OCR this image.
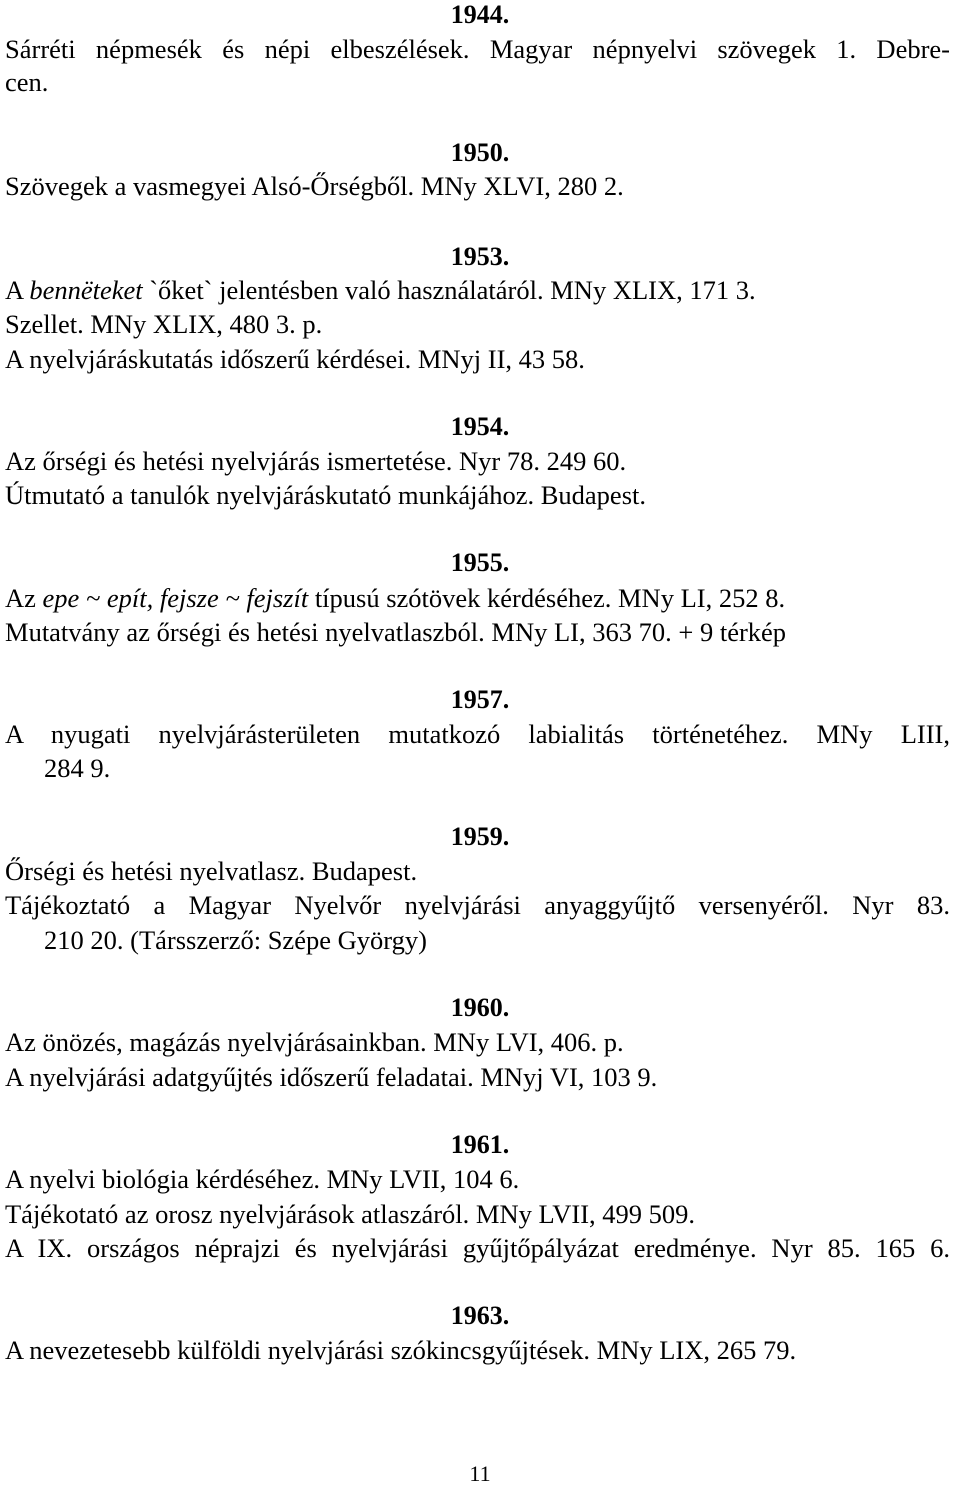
1944.
Sárréti népmesék és népi elbeszélések. Magyar népnyelvi szövegek 1. Debre-
cen.
1950.
Szövegek a vasmegyei Alsó-Őrségből. MNy XLVI, 280 2.
1953.
A bennëteket `őket` jelentésben való használatáról. MNy XLIX, 171 3.
Szellet. MNy XLIX, 480 3. p.
A nyelvjáráskutatás időszerű kérdései. MNyj II, 43 58.
1954.
Az őrségi és hetési nyelvjárás ismertetése. Nyr 78. 249 60.
Útmutató a tanulók nyelvjáráskutató munkájához. Budapest.
1955.
Az epe ~ epít, fejsze ~ fejszít típusú szótövek kérdéséhez. MNy LI, 252 8.
Mutatvány az őrségi és hetési nyelvatlaszból. MNy LI, 363 70. + 9 térkép
1957.
A nyugati nyelvjárásterületen mutatkozó labialitás történetéhez. MNy LIII,
284 9.
1959.
Őrségi és hetési nyelvatlasz. Budapest.
Tájékoztató a Magyar Nyelvőr nyelvjárási anyaggyűjtő versenyéről. Nyr 83.
210 20. (Társszerző: Szépe György)
1960.
Az önözés, magázás nyelvjárásainkban. MNy LVI, 406. p.
A nyelvjárási adatgyűjtés időszerű feladatai. MNyj VI, 103 9.
1961.
A nyelvi biológia kérdéséhez. MNy LVII, 104 6.
Tájékotató az orosz nyelvjárások atlaszáról. MNy LVII, 499 509.
A IX. országos néprajzi és nyelvjárási gyűjtőpályázat eredménye. Nyr 85. 165 6.
1963.
A nevezetesebb külföldi nyelvjárási szókincsgyűjtések. MNy LIX, 265 79.
11
